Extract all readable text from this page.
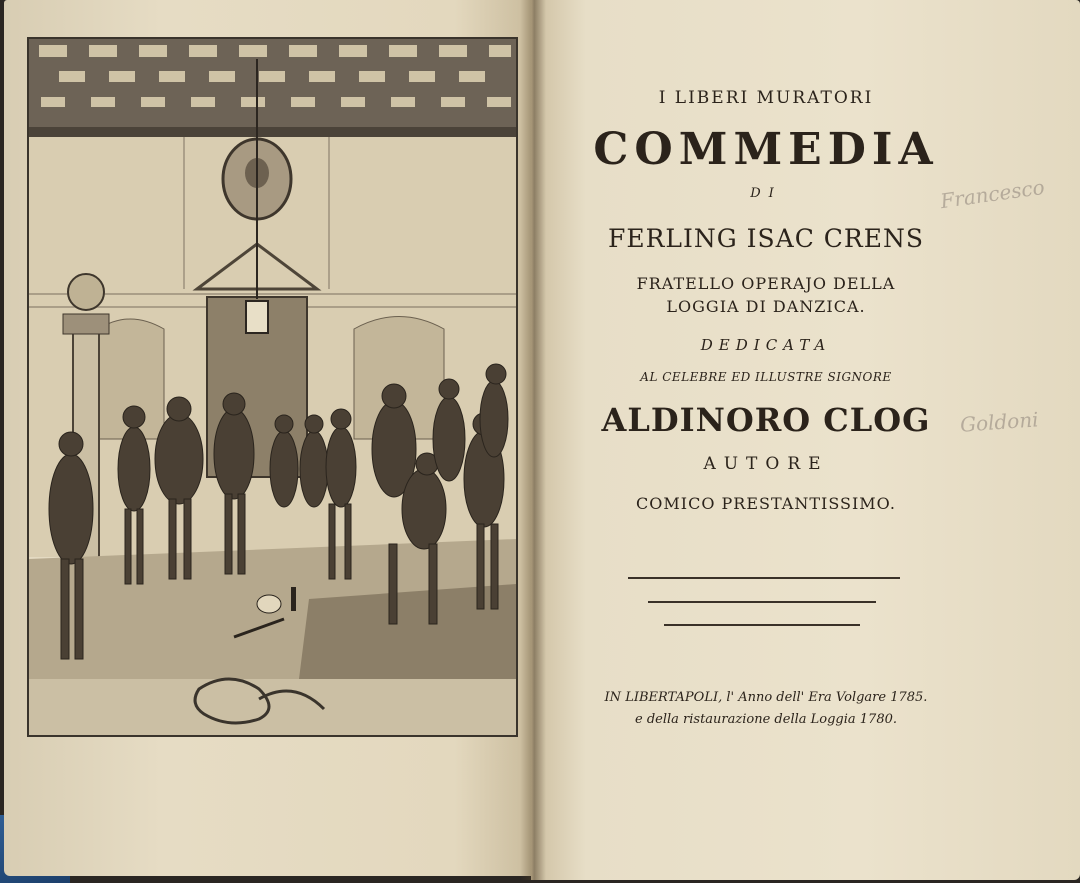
I LIBERI MURATORI
COMMEDIA
DI
FERLING ISAC CRENS
FRATELLO OPERAJO DELLA
LOGGIA DI DANZICA.
DEDICATA
AL CELEBRE ED ILLUSTRE SIGNORE
ALDINORO CLOG
AUTORE
COMICO PRESTANTISSIMO.
IN LIBERTAPOLI, l' Anno dell' Era Volgare 1785.
e della ristaurazione della Loggia 1780.
Francesco
Goldoni
